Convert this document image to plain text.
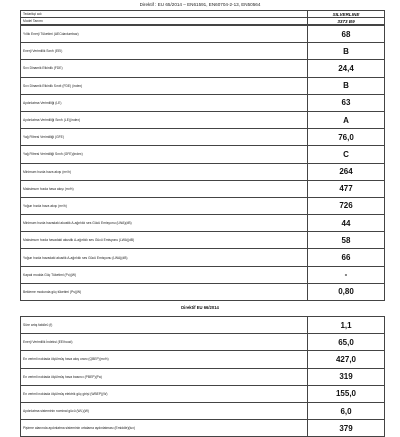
Direktif : EU 65/2014 – EN61591, EN60704-2-13, EN50564
Tedarikçi adı	SILVERLINE
Model Tanımı	3373 B9
Yıllık Enerji Tüketimi (AECdavlumbaz)	68
Enerji Verimlilik Sınıfı (EEI)	B
Sıvı Dinamik Etkinlik (FDE)	24,4
Sıvı Dinamik Etkinlik Sınıfı (FDE) (index)	B
Aydınlatma Verimliliği (LE)	63
Aydınlatma Verimliliği Sınıfı (LE)(index)	A
Yağ Filtresi Verimliliği (GFE)	76,0
Yağ Filtresi Verimliliği Sınıfı (GFE)(index)	C
Minimum hızda hava akışı (m³/h)	264
Maksimum hızda hava akışı (m³/h)	477
Yoğun hızda hava akışı (m³/h)	726
Minimum hızda havadaki akustik A-ağırlıklı ses Gücü Emisyonu (LWA)(dB)	44
Maksimum hızda havadaki akustik A-ağırlıklı ses Gücü Emisyonu (LWA)(dB)	58
Yoğun hızda havadaki akustik A-ağırlıklı ses Gücü Emisyonu (LWA)(dB)	66
Kapalı modda Güç Tüketimi (Po)(W)	-
Bekleme modunda güç tüketimi (Ps)(W)	0,80
Direktif EU 66/2014
Süre artış faktörü (f)	1,1
Enerji Verimlilik İndeksi (EEIhood)	65,0
En verimli noktada ölçülmüş hava akış oranı (QBEP)(m³/h)	427,0
En verimli noktada ölçülmüş hava basıncı (PBEP)(Pa)	319
En verimli noktada ölçülmüş elektrik güç girişi (WBEP)(W)	155,0
Aydınlatma sisteminin nominal gücü (WL)(W)	6,0
Pişirme alanında aydınlatma sisteminin ortalama aydınlatması (Emiddle)(lux)	379
